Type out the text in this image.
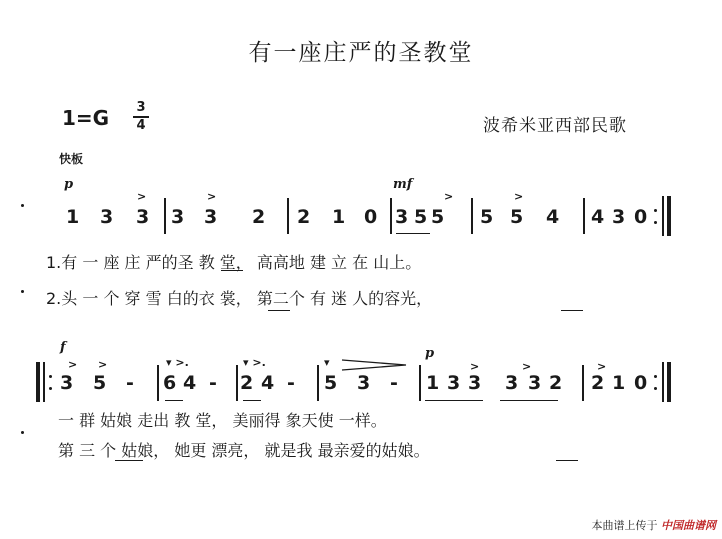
有一座庄严的圣教堂
1=G 3
4	波希米亚西部民歌
快板
p	mf
>	>	>	>
1 3 3 3 3 2 2 1 0 3 5 5 5 5 4 4 3 0
1.有 一 座 庄 严的圣 教 堂， 高高地 建 立 在 山上。
2.头 一 个 穿 雪 白的衣 裳， 第二个 有 迷 人的容光，
f	p
> >	▾ >.	▾ >.	▾	>	>	>
3 5 - 6 4 - 2 4 - 5 3 - 1 3 3 3 3 2 2 1 0
一 群 姑娘 走出 教 堂， 美丽得 象天使 一样。
第 三 个 姑娘， 她更 漂亮， 就是我 最亲爱的姑娘。
本曲谱上传于 中国曲谱网
